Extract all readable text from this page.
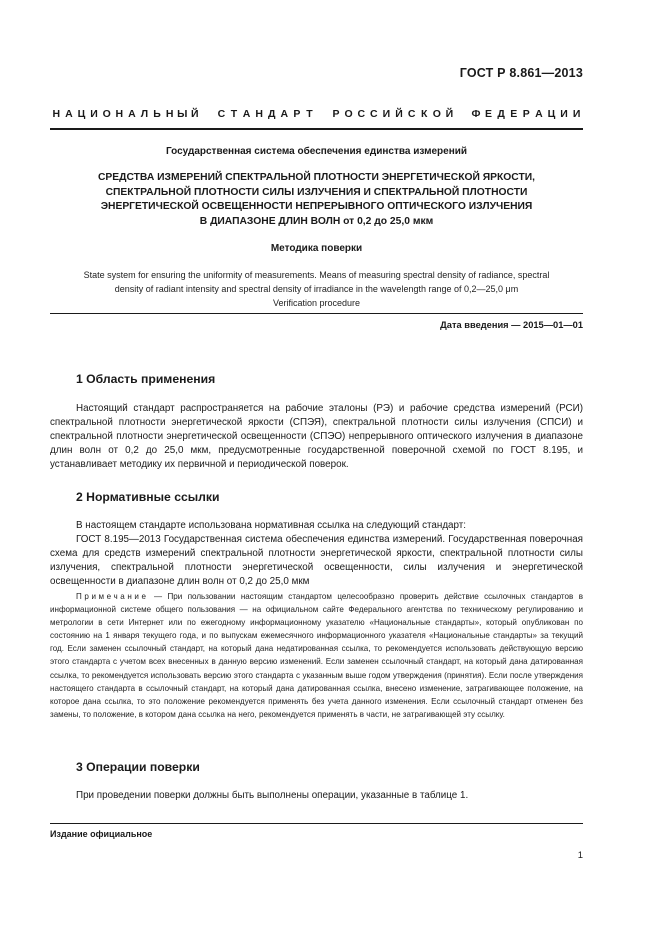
ГОСТ Р 8.861—2013
Н А Ц И О Н А Л Ь Н Ы Й С Т А Н Д А Р Т Р О С С И Й С К О Й Ф Е Д Е Р А Ц И И
Государственная система обеспечения единства измерений
СРЕДСТВА ИЗМЕРЕНИЙ СПЕКТРАЛЬНОЙ ПЛОТНОСТИ ЭНЕРГЕТИЧЕСКОЙ ЯРКОСТИ,
СПЕКТРАЛЬНОЙ ПЛОТНОСТИ СИЛЫ ИЗЛУЧЕНИЯ И СПЕКТРАЛЬНОЙ ПЛОТНОСТИ
ЭНЕРГЕТИЧЕСКОЙ ОСВЕЩЕННОСТИ НЕПРЕРЫВНОГО ОПТИЧЕСКОГО ИЗЛУЧЕНИЯ
В ДИАПАЗОНЕ ДЛИН ВОЛН от 0,2 до 25,0 мкм
Методика поверки
State system for ensuring the uniformity of measurements. Means of measuring spectral density of radiance, spectral
density of radiant intensity and spectral density of irradiance in the wavelength range of 0,2—25,0 μm
Verification procedure
Дата введения — 2015—01—01
1 Область применения

Настоящий стандарт распространяется на рабочие эталоны (РЭ) и рабочие средства измерений (РСИ) спектральной плотности энергетической яркости (СПЭЯ), спектральной плотности силы излучения (СПСИ) и спектральной плотности энергетической освещенности (СПЭО) непрерывного оптического излучения в диапазоне длин волн от 0,2 до 25,0 мкм, предусмотренные государственной поверочной схемой по ГОСТ 8.195, и устанавливает методику их первичной и периодической поверок.

2 Нормативные ссылки

В настоящем стандарте использована нормативная ссылка на следующий стандарт:

ГОСТ 8.195—2013 Государственная система обеспечения единства измерений. Государственная поверочная схема для средств измерений спектральной плотности энергетической яркости, спектральной плотности силы излучения, спектральной плотности энергетической освещенности, силы излучения и энергетической освещенности в диапазоне длин волн от 0,2 до 25,0 мкм

Примечание — При пользовании настоящим стандартом целесообразно проверить действие ссылочных стандартов в информационной системе общего пользования — на официальном сайте Федерального агентства по техническому регулированию и метрологии в сети Интернет или по ежегодному информационному указателю «Национальные стандарты», который опубликован по состоянию на 1 января текущего года, и по выпускам ежемесячного информационного указателя «Национальные стандарты» за текущий год. Если заменен ссылочный стандарт, на который дана недатированная ссылка, то рекомендуется использовать действующую версию этого стандарта с учетом всех внесенных в данную версию изменений. Если заменен ссылочный стандарт, на который дана датированная ссылка, то рекомендуется использовать версию этого стандарта с указанным выше годом утверждения (принятия). Если после утверждения настоящего стандарта в ссылочный стандарт, на который дана датированная ссылка, внесено изменение, затрагивающее положение, на которое дана ссылка, то это положение рекомендуется применять без учета данного изменения. Если ссылочный стандарт отменен без замены, то положение, в котором дана ссылка на него, рекомендуется применять в части, не затрагивающей эту ссылку.

3 Операции поверки

При проведении поверки должны быть выполнены операции, указанные в таблице 1.

Издание официальное
1
